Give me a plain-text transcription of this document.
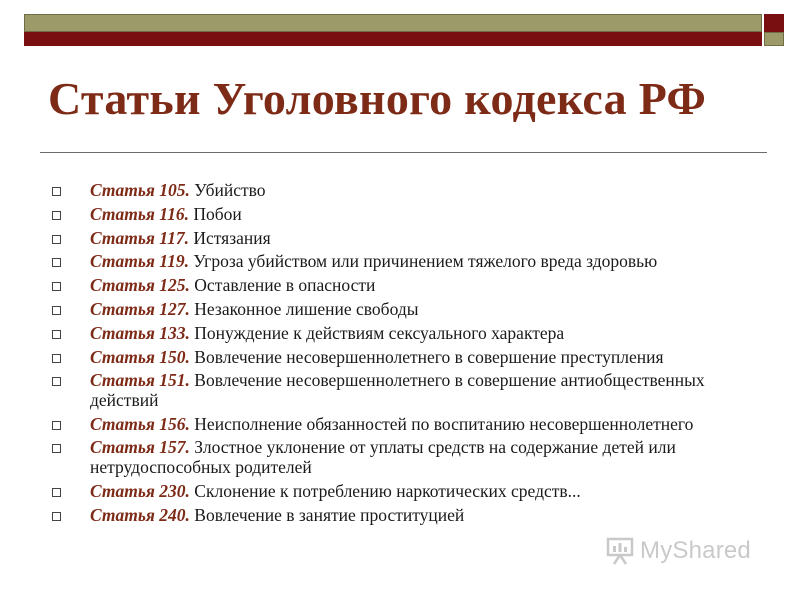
Статьи Уголовного кодекса РФ
Статья 105. Убийство
Статья 116. Побои
Статья 117. Истязания
Статья 119. Угроза убийством или причинением тяжелого вреда здоровью
Статья 125. Оставление в опасности
Статья 127. Незаконное лишение свободы
Статья 133. Понуждение к действиям сексуального характера
Статья 150. Вовлечение несовершеннолетнего в совершение преступления
Статья 151. Вовлечение несовершеннолетнего в совершение антиобщественных действий
Статья 156. Неисполнение обязанностей по воспитанию несовершеннолетнего
Статья 157. Злостное уклонение от уплаты средств на содержание детей или нетрудоспособных родителей
Статья 230. Склонение к потреблению наркотических средств...
Статья 240. Вовлечение в занятие проституцией
MyShared
